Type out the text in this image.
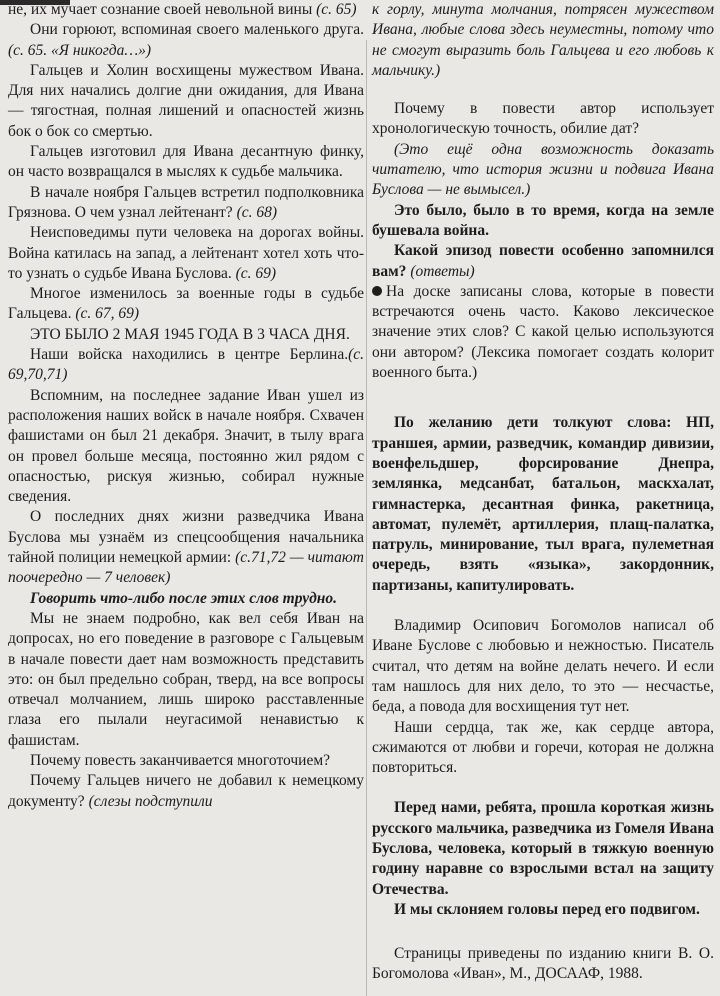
не, их мучает сознание своей невольной вины (с. 65)

Они горюют, вспоминая своего маленького друга. (с. 65. «Я никогда…»)

Гальцев и Холин восхищены мужеством Ивана. Для них начались долгие дни ожидания, для Ивана — тягостная, полная лишений и опасностей жизнь бок о бок со смертью.

Гальцев изготовил для Ивана десантную финку, он часто возвращался в мыслях к судьбе мальчика.

В начале ноября Гальцев встретил подполковника Грязнова. О чем узнал лейтенант? (с. 68)

Неисповедимы пути человека на дорогах войны. Война катилась на запад, а лейтенант хотел хоть что-то узнать о судьбе Ивана Буслова. (с. 69)

Многое изменилось за военные годы в судьбе Гальцева. (с. 67, 69)

ЭТО БЫЛО 2 МАЯ 1945 ГОДА В 3 ЧАСА ДНЯ.

Наши войска находились в центре Берлина.(с. 69,70,71)

Вспомним, на последнее задание Иван ушел из расположения наших войск в начале ноября. Схвачен фашистами он был 21 декабря. Значит, в тылу врага он провел больше месяца, постоянно жил рядом с опасностью, рискуя жизнью, собирал нужные сведения.

О последних днях жизни разведчика Ивана Буслова мы узнаём из спецсообщения начальника тайной полиции немецкой армии: (с.71,72 — читают поочередно — 7 человек)

Говорить что-либо после этих слов трудно.

Мы не знаем подробно, как вел себя Иван на допросах, но его поведение в разговоре с Гальцевым в начале повести дает нам возможность представить это: он был предельно собран, тверд, на все вопросы отвечал молчанием, лишь широко расставленные глаза его пылали неугасимой ненавистью к фашистам.

Почему повесть заканчивается многоточием?

Почему Гальцев ничего не добавил к немецкому документу? (слезы подступили

к горлу, минута молчания, потрясен мужеством Ивана, любые слова здесь неуместны, потому что не смогут выразить боль Гальцева и его любовь к мальчику.)

Почему в повести автор использует хронологическую точность, обилие дат?

(Это ещё одна возможность доказать читателю, что история жизни и подвига Ивана Буслова — не вымысел.)

Это было, было в то время, когда на земле бушевала война.

Какой эпизод повести особенно запомнился вам? (ответы)

На доске записаны слова, которые в повести встречаются очень часто. Каково лексическое значение этих слов? С какой целью используются они автором? (Лексика помогает создать колорит военного быта.)

По желанию дети толкуют слова: НП, траншея, армии, разведчик, командир дивизии, военфельдшер, форсирование Днепра, землянка, медсанбат, батальон, маскхалат, гимнастерка, десантная финка, ракетница, автомат, пулемёт, артиллерия, плащ-палатка, патруль, минирование, тыл врага, пулеметная очередь, взять «языка», закордонник, партизаны, капитулировать.

Владимир Осипович Богомолов написал об Иване Буслове с любовью и нежностью. Писатель считал, что детям на войне делать нечего. И если там нашлось для них дело, то это — несчастье, беда, а повода для восхищения тут нет.

Наши сердца, так же, как сердце автора, сжимаются от любви и горечи, которая не должна повториться.

Перед нами, ребята, прошла короткая жизнь русского мальчика, разведчика из Гомеля Ивана Буслова, человека, который в тяжкую военную годину наравне со взрослыми встал на защиту Отечества.

И мы склоняем головы перед его подвигом.

Страницы приведены по изданию книги В. О. Богомолова «Иван», М., ДОСААФ, 1988.
